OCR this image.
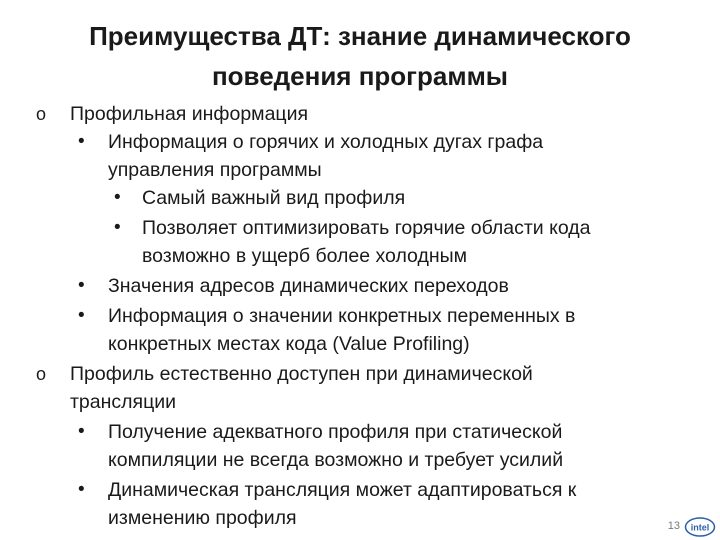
Преимущества ДТ: знание динамического
поведения программы
o Профильная информация
• Информация о горячих и холодных дугах графа
управления программы
• Самый важный вид профиля
• Позволяет оптимизировать горячие области кода
возможно в ущерб более холодным
• Значения адресов динамических переходов
• Информация о значении конкретных переменных в
конкретных местах кода (Value Profiling)
o Профиль естественно доступен при динамической
трансляции
• Получение адекватного профиля при статической
компиляции не всегда возможно и требует усилий
• Динамическая трансляция может адаптироваться к
изменению профиля	13 intel
